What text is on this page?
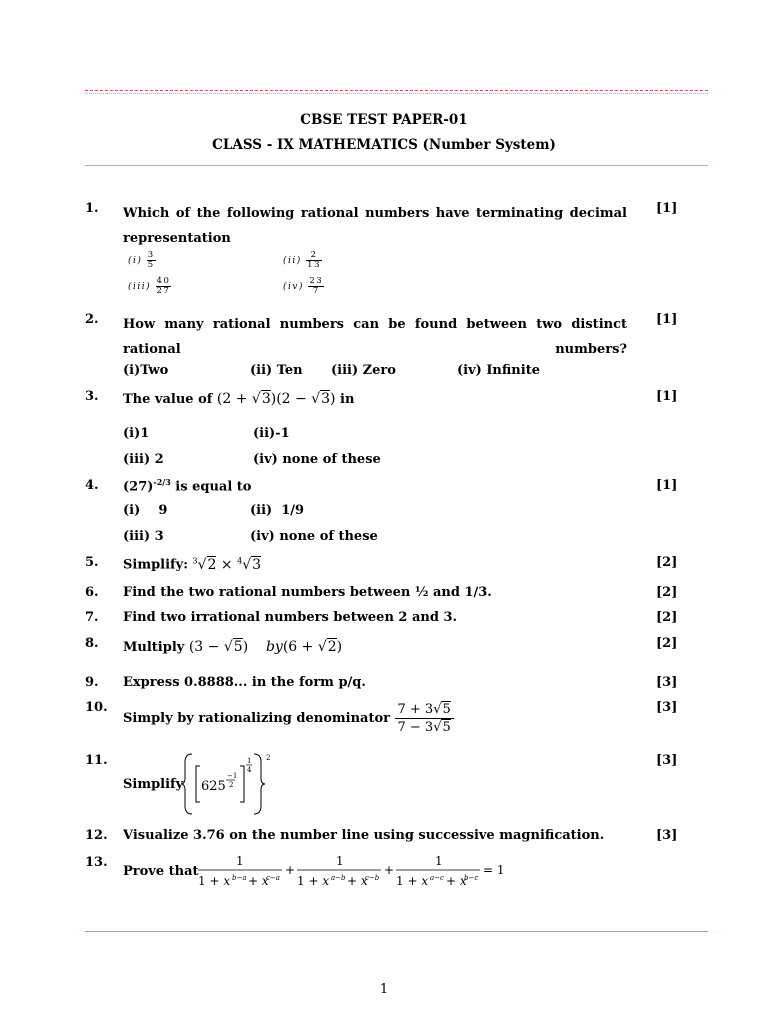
CBSE TEST PAPER-01
CLASS - IX MATHEMATICS (Number System)
1.	[1]
Which of the following rational numbers have terminating decimal representation
$(i) \frac{3}{5}$	$(ii) \frac{2}{13}$
$(iii) \frac{40}{27}$	$(iv) \frac{23}{7}$
2.	[1]
How many rational numbers can be found between two distinct rational numbers?
(i)Two	(ii) Ten (iii) Zero	(iv) Infinite
3.	[1]
The value of (2 + √3)(2 − √3) in
(i)1	(ii)-1
(iii) 2	(iv) none of these
4.	[1]
$(27)^{-2/3}$ is equal to
(i)    9	(ii)  1/9
(iii) 3	(iv) none of these
5.	[2]
Simplify: $^3$√2 × $^4$√3
6.	[2]
Find the two rational numbers between ½ and 1/3.
7.	[2]
Find two irrational numbers between 2 and 3.
8.	[2]
Multiply (3 − √5)    by(6 + √2)
9.	[3]
Express 0.8888... in the form p/q.
10.	[3]
Simply by rationalizing denominator $\frac{7 + 3√5}{7 - 3√5}$
11.	[3]
Simplify 625
−1
2
1
4
2
12.	[3]
Visualize 3.76 on the number line using successive magnification.
13.
Prove that
1
1 + x b−a + x
c−a
+
1
1 + x a−b + x
c−b
+
1
1 + x a−c + x
b−c
= 1
1
